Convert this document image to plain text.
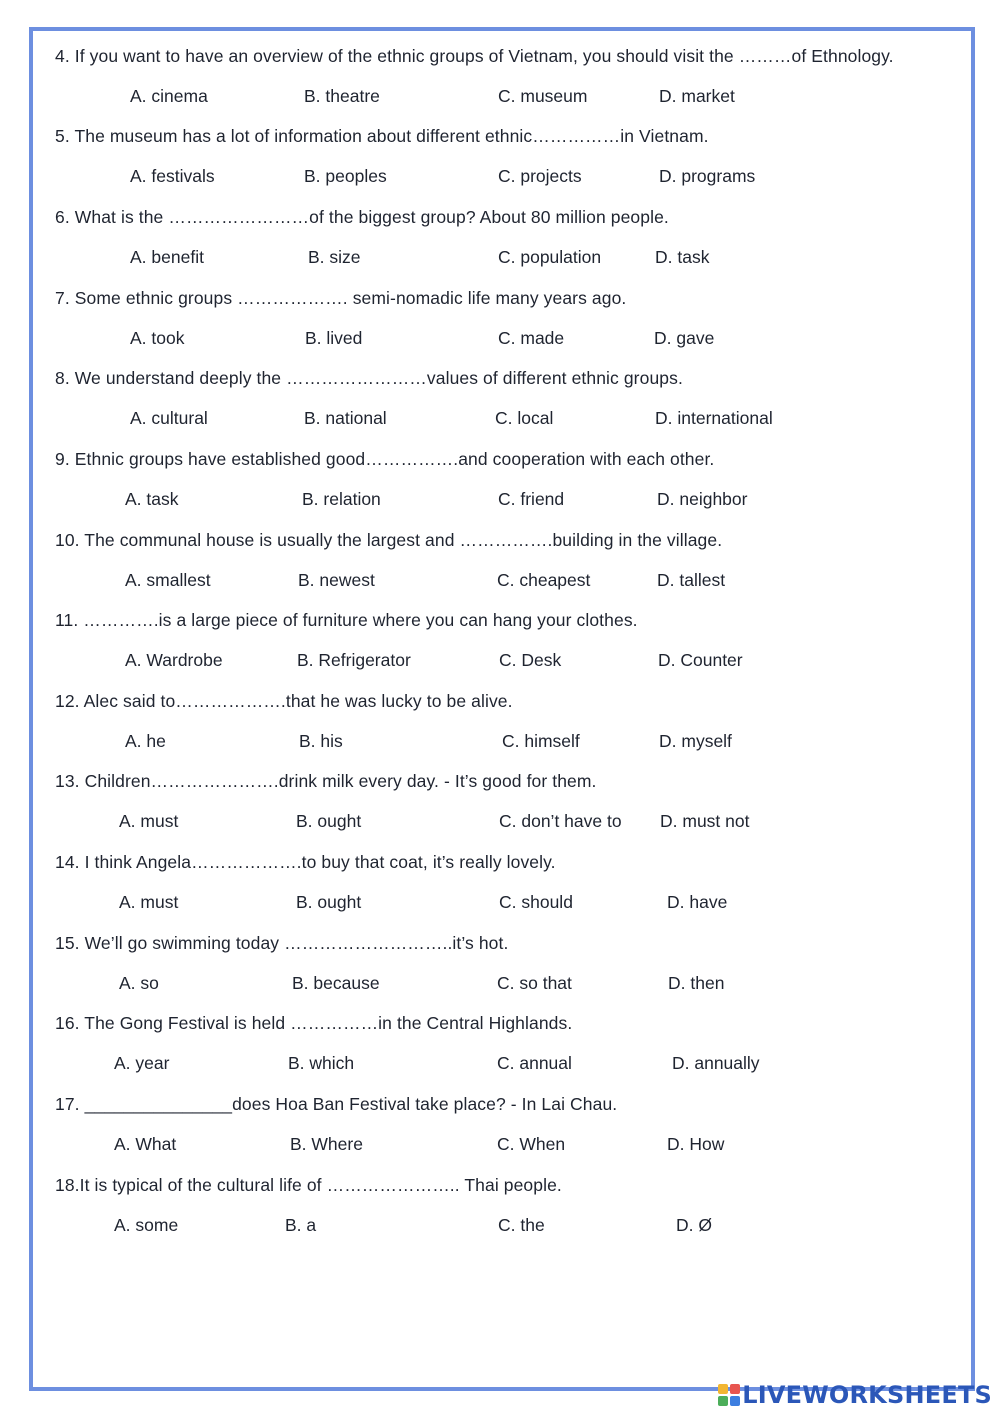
4. If you want to have an overview of the ethnic groups of Vietnam, you should visit the ………of Ethnology.
A. cinema	B. theatre	C. museum	D. market
5. The museum has a lot of information about different ethnic……………in Vietnam.
A. festivals	B. peoples	C. projects	D. programs
6. What is the ……………………of the biggest group? About 80 million people.
A. benefit	B. size	C. population	D. task
7. Some ethnic groups ………………. semi-nomadic life many years ago.
A. took	B. lived	C. made	D. gave
8. We understand deeply the ……………………values of different ethnic groups.
A. cultural	B. national	C. local	D. international
9. Ethnic groups have established good…………….and cooperation with each other.
A. task	B. relation	C. friend	D. neighbor
10. The communal house is usually the largest and …………….building in the village.
A. smallest	B. newest	C. cheapest	D. tallest
11. ………….is a large piece of furniture where you can hang your clothes.
A. Wardrobe	B. Refrigerator	C. Desk	D. Counter
12. Alec said to……………….that he was lucky to be alive.
A. he	B. his	C. himself	D. myself
13. Children………………….drink milk every day. - It’s good for them.
A. must	B. ought	C. don’t have to D. must not
14. I think Angela……………….to buy that coat, it’s really lovely.
A. must	B. ought	C. should	D. have
15. We’ll go swimming today ………………………..it’s hot.
A. so	B. because	C. so that	D. then
16. The Gong Festival is held ……………in the Central Highlands.
A. year	B. which	C. annual	D. annually
17. _______________does Hoa Ban Festival take place? - In Lai Chau.
A. What	B. Where	C. When	D. How
18.It is typical of the cultural life of ………………….. Thai people.
A. some	B. a	C. the	D. Ø
LIVEWORKSHEETS
